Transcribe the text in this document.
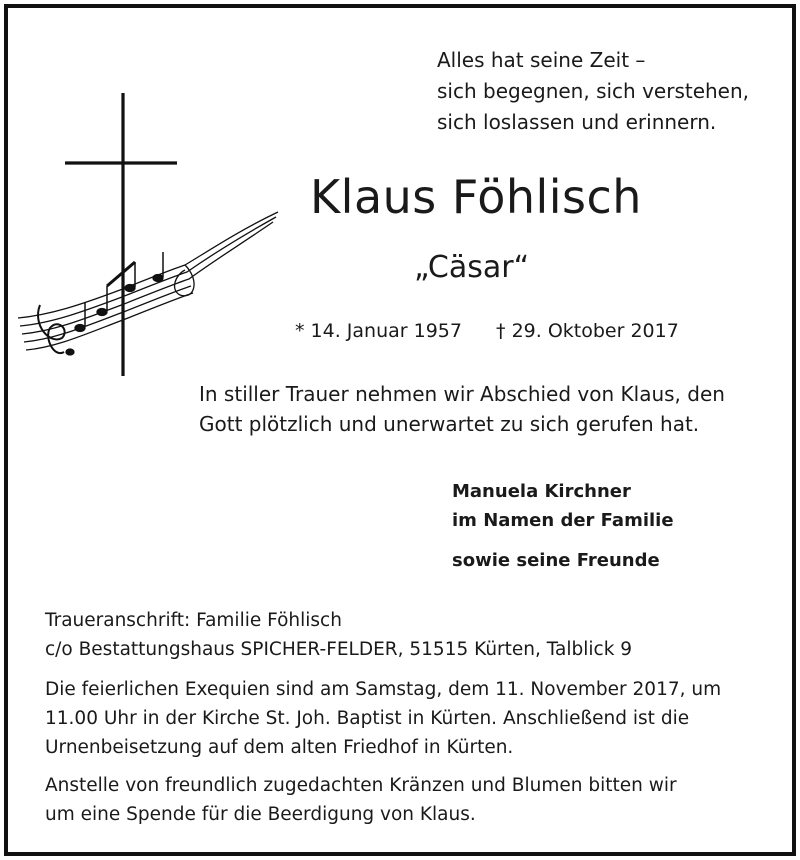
Alles hat seine Zeit –
sich begegnen, sich verstehen,
sich loslassen und erinnern.
Klaus Föhlisch
„Cäsar“
* 14. Januar 1957 † 29. Oktober 2017
In stiller Trauer nehmen wir Abschied von Klaus, den
Gott plötzlich und unerwartet zu sich gerufen hat.
Manuela Kirchner
im Namen der Familie
sowie seine Freunde
Traueranschrift: Familie Föhlisch
c/o Bestattungshaus SPICHER-FELDER, 51515 Kürten, Talblick 9
Die feierlichen Exequien sind am Samstag, dem 11. November 2017, um
11.00 Uhr in der Kirche St. Joh. Baptist in Kürten. Anschließend ist die
Urnenbeisetzung auf dem alten Friedhof in Kürten.
Anstelle von freundlich zugedachten Kränzen und Blumen bitten wir
um eine Spende für die Beerdigung von Klaus.
